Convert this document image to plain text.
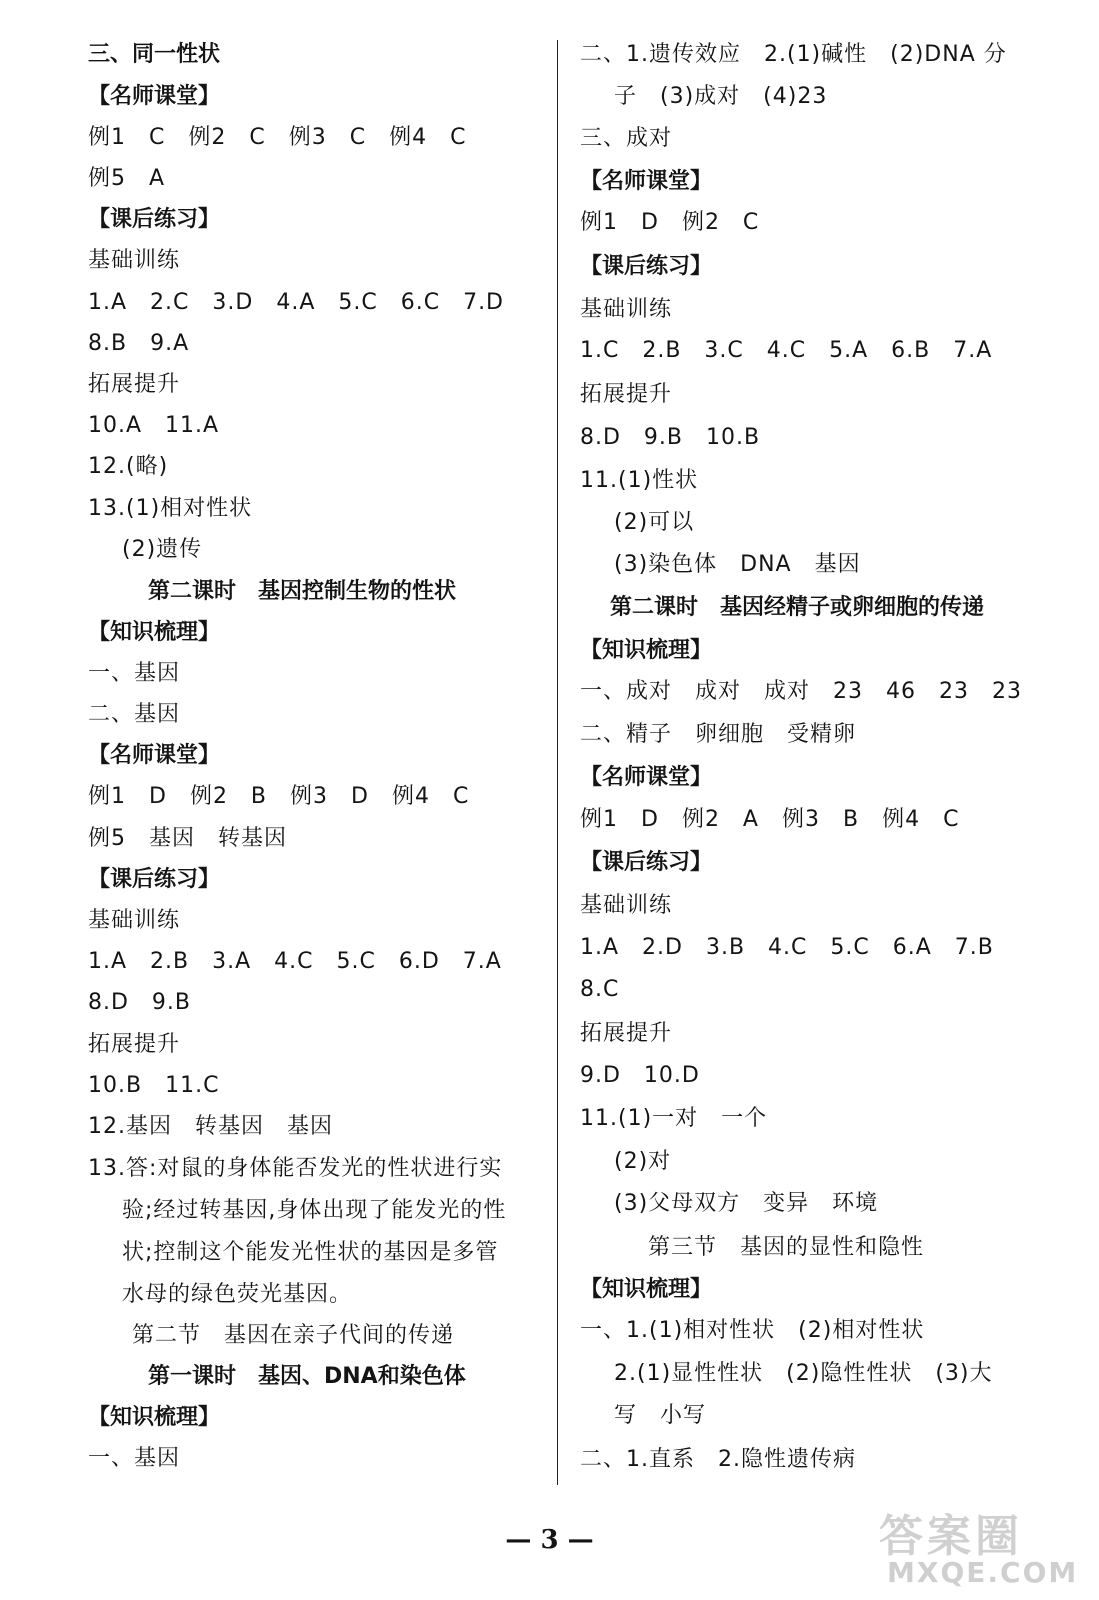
三、同一性状
【名师课堂】
例1　C　例2　C　例3　C　例4　C
例5　A
【课后练习】
基础训练
1.A　2.C　3.D　4.A　5.C　6.C　7.D
8.B　9.A
拓展提升
10.A　11.A
12.(略)
13.(1)相对性状
(2)遗传
第二课时　基因控制生物的性状
【知识梳理】
一、基因
二、基因
【名师课堂】
例1　D　例2　B　例3　D　例4　C
例5　基因　转基因
【课后练习】
基础训练
1.A　2.B　3.A　4.C　5.C　6.D　7.A
8.D　9.B
拓展提升
10.B　11.C
12.基因　转基因　基因
13.答:对鼠的身体能否发光的性状进行实
验;经过转基因,身体出现了能发光的性
状;控制这个能发光性状的基因是多管
水母的绿色荧光基因。
第二节　基因在亲子代间的传递
第一课时　基因、DNA和染色体
【知识梳理】
一、基因
二、1.遗传效应　2.(1)碱性　(2)DNA 分
子　(3)成对　(4)23
三、成对
【名师课堂】
例1　D　例2　C
【课后练习】
基础训练
1.C　2.B　3.C　4.C　5.A　6.B　7.A
拓展提升
8.D　9.B　10.B
11.(1)性状
(2)可以
(3)染色体　DNA　基因
第二课时　基因经精子或卵细胞的传递
【知识梳理】
一、成对　成对　成对　23　46　23　23
二、精子　卵细胞　受精卵
【名师课堂】
例1　D　例2　A　例3　B　例4　C
【课后练习】
基础训练
1.A　2.D　3.B　4.C　5.C　6.A　7.B
8.C
拓展提升
9.D　10.D
11.(1)一对　一个
(2)对
(3)父母双方　变异　环境
第三节　基因的显性和隐性
【知识梳理】
一、1.(1)相对性状　(2)相对性状
2.(1)显性性状　(2)隐性性状　(3)大
写　小写
二、1.直系　2.隐性遗传病
— 3 —	答案圈
MXQE.COM
